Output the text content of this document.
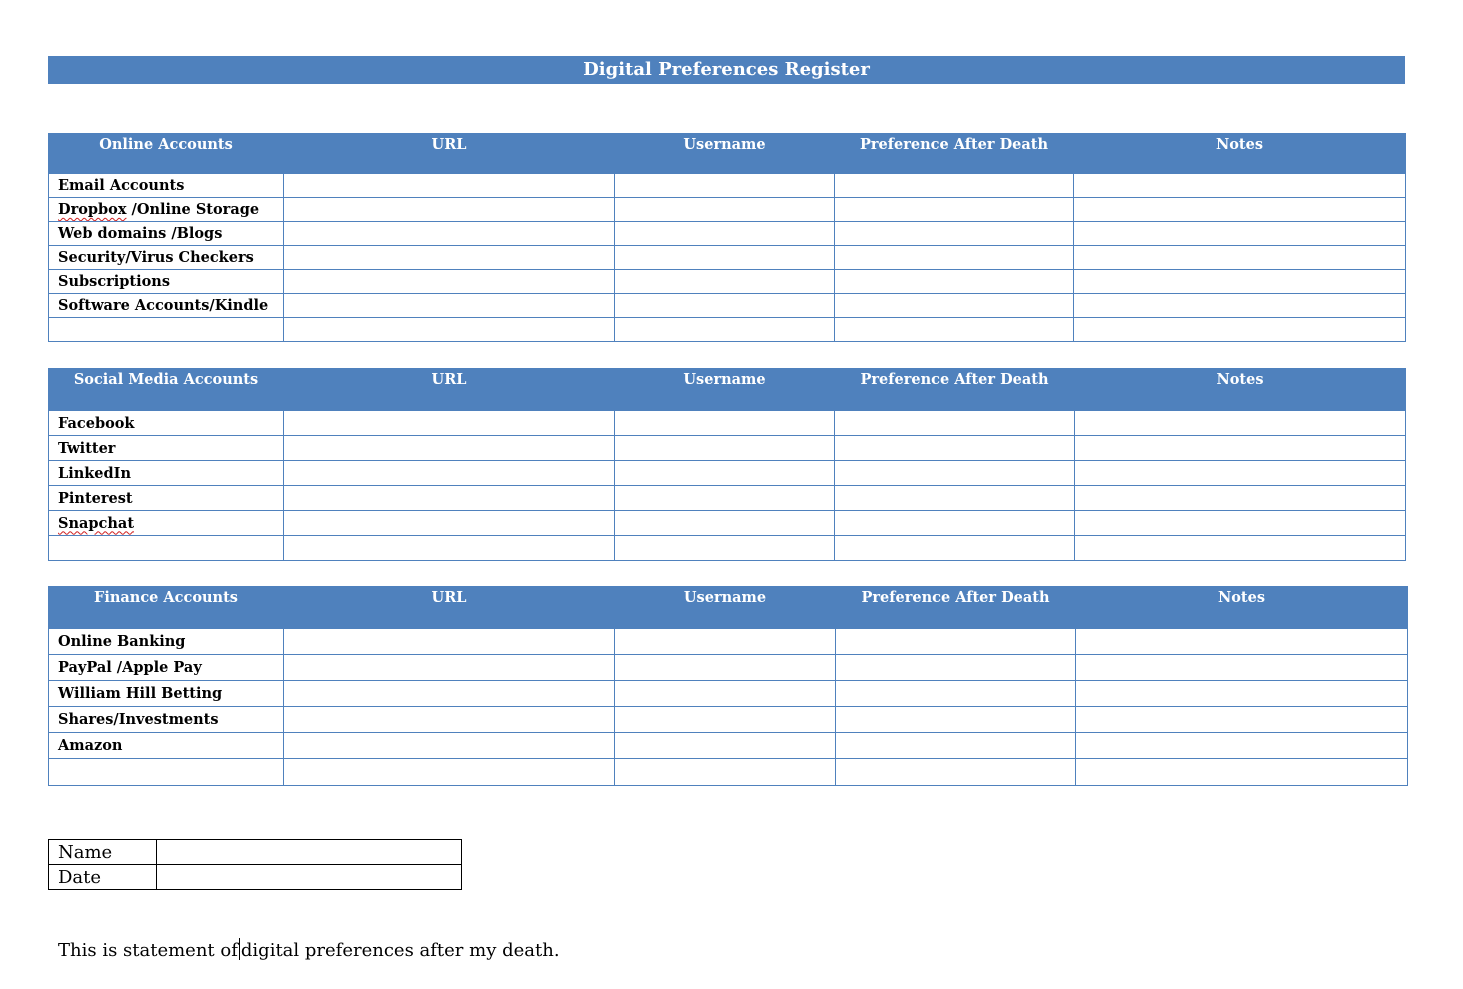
Digital Preferences Register
Online Accounts	URL	Username	Preference After Death	Notes
Email Accounts				
Dropbox /Online Storage				
Web domains /Blogs				
Security/Virus Checkers				
Subscriptions				
Software Accounts/Kindle				

Social Media Accounts	URL	Username	Preference After Death	Notes
Facebook				
Twitter				
LinkedIn				
Pinterest				
Snapchat				

Finance Accounts	URL	Username	Preference After Death	Notes
Online Banking				
PayPal /Apple Pay				
William Hill Betting				
Shares/Investments				
Amazon				

Name	
Date	
This is statement of digital preferences after my death.
